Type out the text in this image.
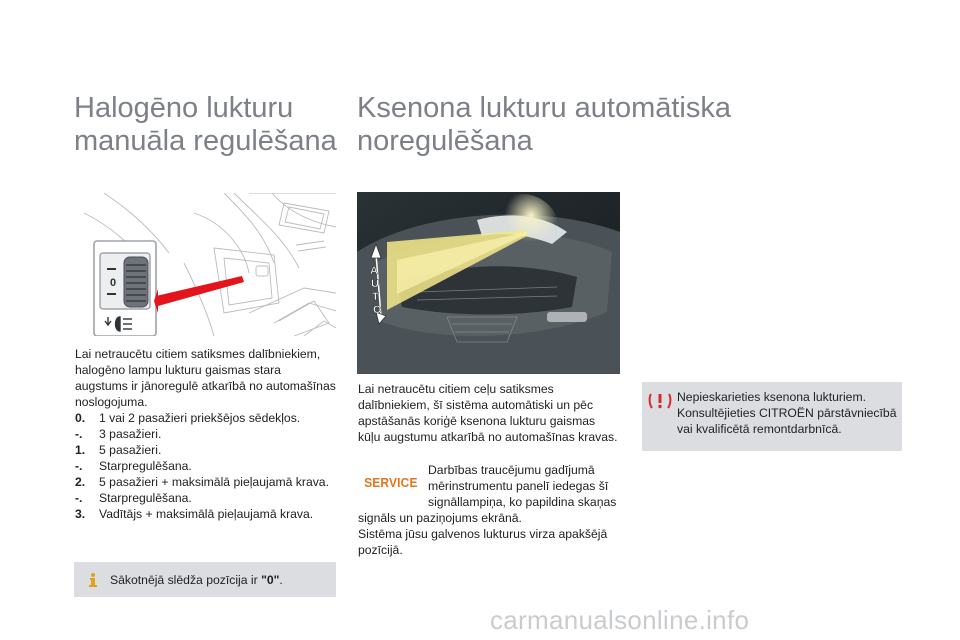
Halogēno lukturu manuāla regulēšana
Ksenona lukturu automātiska noregulēšana
0
A
U
T
O

Lai netraucētu citiem satiksmes dalībniekiem, halogēno lampu lukturu gaismas stara augstums ir jānoregulē atkarībā no automašīnas noslogojuma.

0.	1 vai 2 pasažieri priekšējos sēdekļos.
-.	3 pasažieri.
1.	5 pasažieri.
-.	Starpregulēšana.
2.	5 pasažieri + maksimālā pieļaujamā krava.
-.	Starpregulēšana.
3.	Vadītājs + maksimālā pieļaujamā krava.
Sākotnējā slēdža pozīcija ir "0".

Lai netraucētu citiem ceļu satiksmes dalībniekiem, šī sistēma automātiski un pēc apstāšanās koriģē ksenona lukturu gaismas kūļu augstumu atkarībā no automašīnas kravas.

SERVICE
Darbības traucējumu gadījumā
mērinstrumentu panelī iedegas šī
signāllampiņa, ko papildina skaņas
signāls un paziņojums ekrānā.
Sistēma jūsu galvenos lukturus virza apakšējā pozīcijā.

Nepieskarieties ksenona lukturiem. Konsultējieties CITROËN pārstāvniecībā vai kvalificētā remontdarbnīcā.

carmanualsonline.info
